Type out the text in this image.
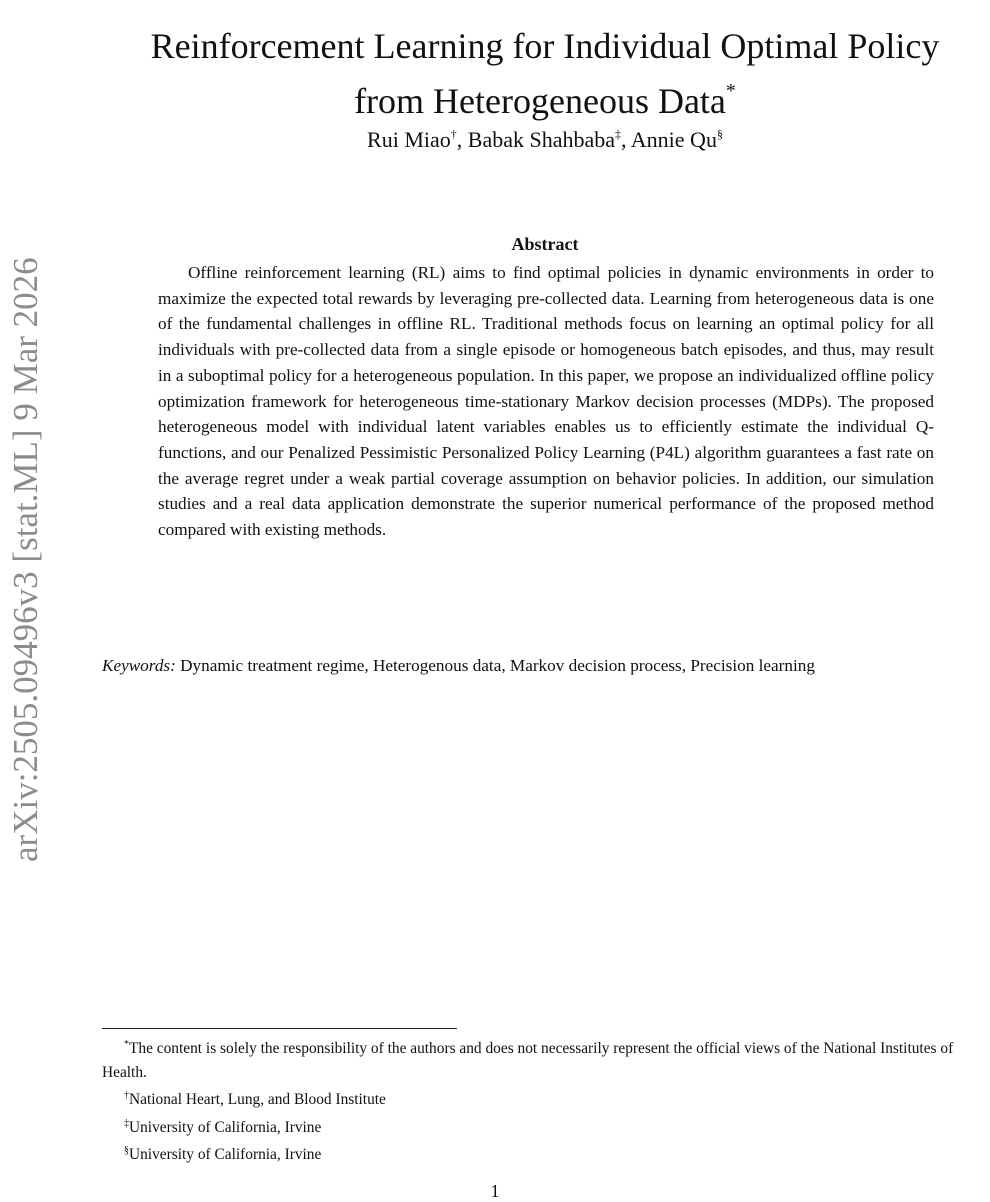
arXiv:2505.09496v3 [stat.ML] 9 Mar 2026
Reinforcement Learning for Individual Optimal Policy
from Heterogeneous Data*
Rui Miao†, Babak Shahbaba‡, Annie Qu§
Abstract

Offline reinforcement learning (RL) aims to find optimal policies in dynamic environments in order to maximize the expected total rewards by leveraging pre-collected data. Learning from heterogeneous data is one of the fundamental challenges in offline RL. Traditional methods focus on learning an optimal policy for all individuals with pre-collected data from a single episode or homogeneous batch episodes, and thus, may result in a suboptimal policy for a heterogeneous population. In this paper, we propose an individualized offline policy optimization framework for heterogeneous time-stationary Markov decision processes (MDPs). The proposed heterogeneous model with individual latent variables enables us to efficiently estimate the individual Q-functions, and our Penalized Pessimistic Personalized Policy Learning (P4L) algorithm guarantees a fast rate on the average regret under a weak partial coverage assumption on behavior policies. In addition, our simulation studies and a real data application demonstrate the superior numerical performance of the proposed method compared with existing methods.

Keywords: Dynamic treatment regime, Heterogenous data, Markov decision process, Precision learning

*The content is solely the responsibility of the authors and does not necessarily represent the official views of the National Institutes of Health.

†National Heart, Lung, and Blood Institute

‡University of California, Irvine

§University of California, Irvine

1
